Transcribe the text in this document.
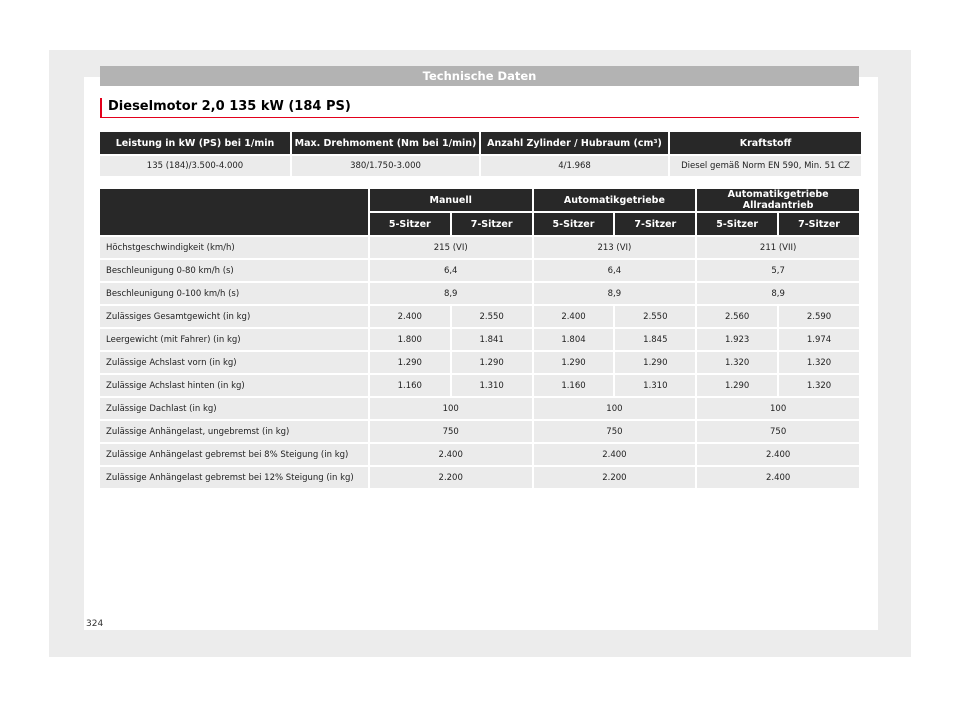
Technische Daten
Dieselmotor 2,0 135 kW (184 PS)
Leistung in kW (PS) bei 1/min	Max. Drehmoment (Nm bei 1/min)	Anzahl Zylinder / Hubraum (cm³)	Kraftstoff
135 (184)/3.500-4.000	380/1.750-3.000	4/1.968	Diesel gemäß Norm EN 590, Min. 51 CZ
	Manuell		Automatikgetriebe		Automatikgetriebe Allradantrieb	
	5-Sitzer	7-Sitzer	5-Sitzer	7-Sitzer	5-Sitzer	7-Sitzer
Höchstgeschwindigkeit (km/h)	215 (VI)		213 (VI)		211 (VII)	
Beschleunigung 0-80 km/h (s)	6,4		6,4		5,7	
Beschleunigung 0-100 km/h (s)	8,9		8,9		8,9	
Zulässiges Gesamtgewicht (in kg)	2.400	2.550	2.400	2.550	2.560	2.590
Leergewicht (mit Fahrer) (in kg)	1.800	1.841	1.804	1.845	1.923	1.974
Zulässige Achslast vorn (in kg)	1.290	1.290	1.290	1.290	1.320	1.320
Zulässige Achslast hinten (in kg)	1.160	1.310	1.160	1.310	1.290	1.320
Zulässige Dachlast (in kg)	100		100		100	
Zulässige Anhängelast, ungebremst (in kg)	750		750		750	
Zulässige Anhängelast gebremst bei 8% Steigung (in kg)	2.400		2.400		2.400	
Zulässige Anhängelast gebremst bei 12% Steigung (in kg)	2.200		2.200		2.400	
324
